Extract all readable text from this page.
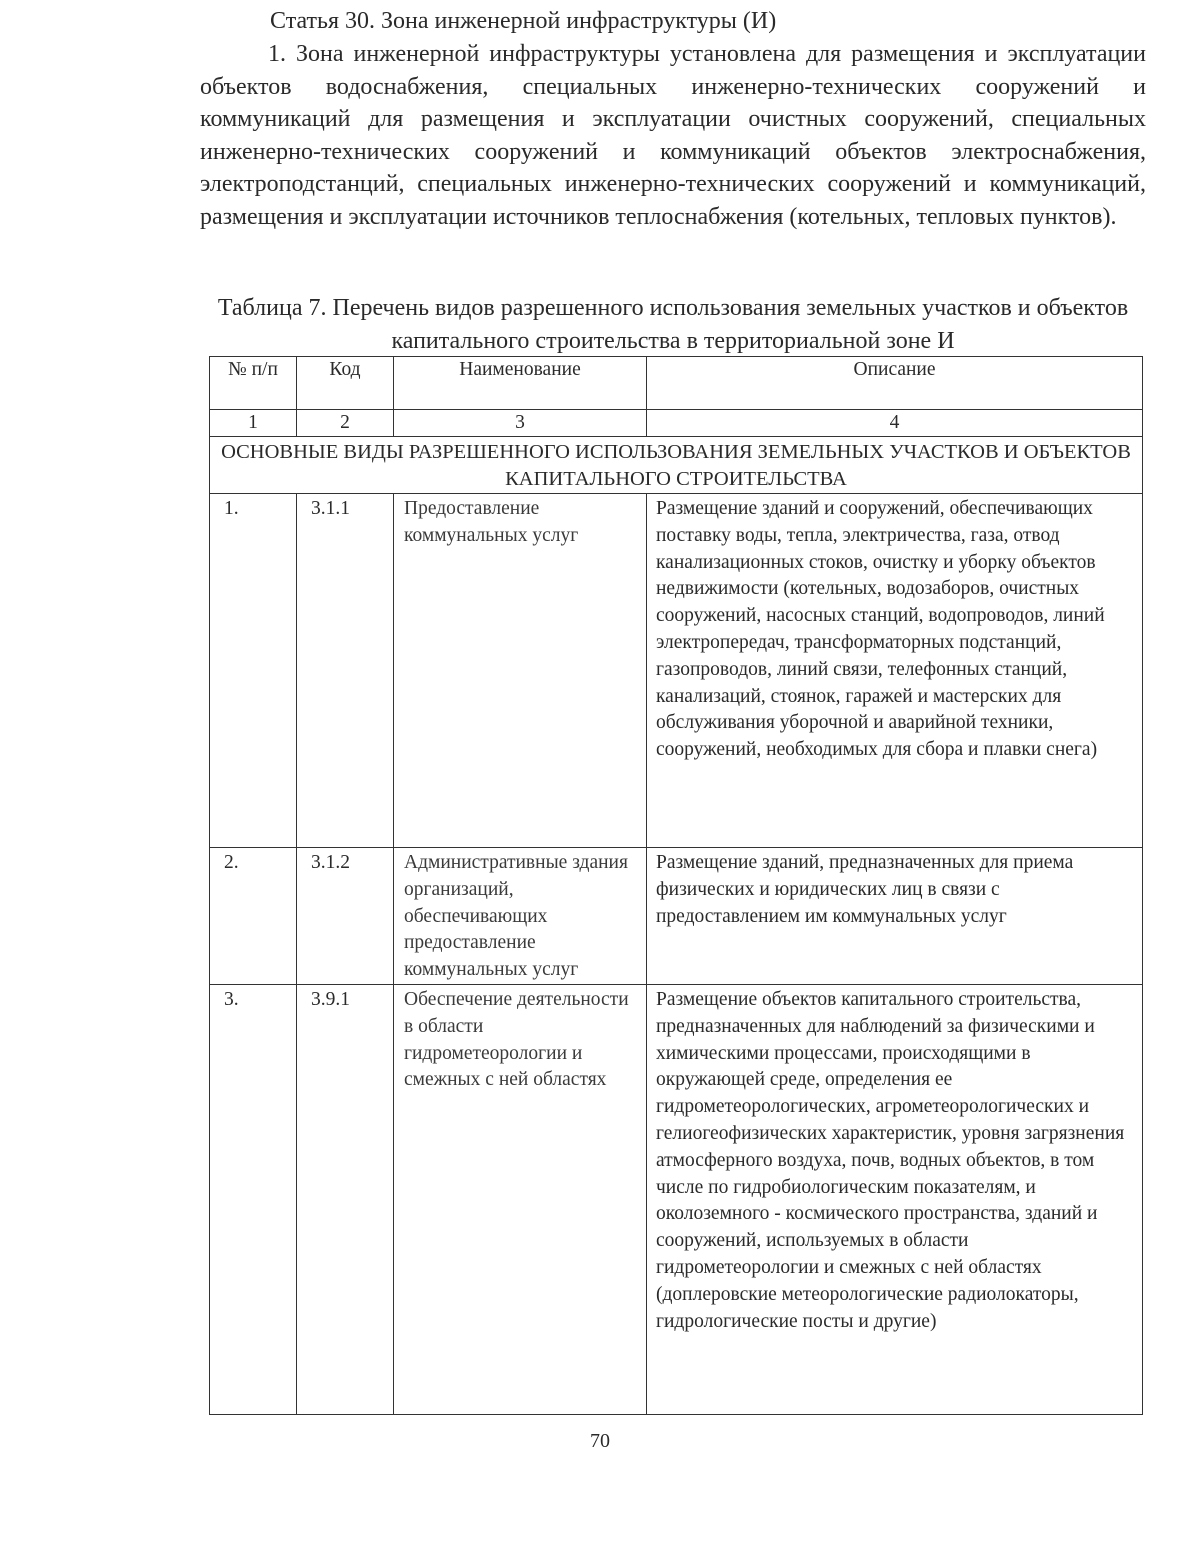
Статья 30. Зона инженерной инфраструктуры (И)

1. Зона инженерной инфраструктуры установлена для размещения и эксплуатации объектов водоснабжения, специальных инженерно-технических сооружений и коммуникаций для размещения и эксплуатации очистных сооружений, специальных инженерно-технических сооружений и коммуникаций объектов электроснабжения, электроподстанций, специальных инженерно-технических сооружений и коммуникаций, размещения и эксплуатации источников теплоснабжения (котельных, тепловых пунктов).

Таблица 7. Перечень видов разрешенного использования земельных участков и объектов капитального строительства в территориальной зоне И

№ п/п	Код	Наименование	Описание
1	2	3	4
ОСНОВНЫЕ ВИДЫ РАЗРЕШЕННОГО ИСПОЛЬЗОВАНИЯ ЗЕМЕЛЬНЫХ УЧАСТКОВ И ОБЪЕКТОВ КАПИТАЛЬНОГО СТРОИТЕЛЬСТВА			
1.	3.1.1	Предоставление коммунальных услуг	Размещение зданий и сооружений, обеспечивающих поставку воды, тепла, электричества, газа, отвод канализационных стоков, очистку и уборку объектов недвижимости (котельных, водозаборов, очистных сооружений, насосных станций, водопроводов, линий электропередач, трансформаторных подстанций, газопроводов, линий связи, телефонных станций, канализаций, стоянок, гаражей и мастерских для обслуживания уборочной и аварийной техники, сооружений, необходимых для сбора и плавки снега)
2.	3.1.2	Административные здания организаций, обеспечивающих предоставление коммунальных услуг	Размещение зданий, предназначенных для приема физических и юридических лиц в связи с предоставлением им коммунальных услуг
3.	3.9.1	Обеспечение деятельности в области гидрометеорологии и смежных с ней областях	Размещение объектов капитального строительства, предназначенных для наблюдений за физическими и химическими процессами, происходящими в окружающей среде, определения ее гидрометеорологических, агрометеорологических и гелиогеофизических характеристик, уровня загрязнения атмосферного воздуха, почв, водных объектов, в том числе по гидробиологическим показателям, и околоземного - космического пространства, зданий и сооружений, используемых в области гидрометеорологии и смежных с ней областях (доплеровские метеорологические радиолокаторы, гидрологические посты и другие)
70
